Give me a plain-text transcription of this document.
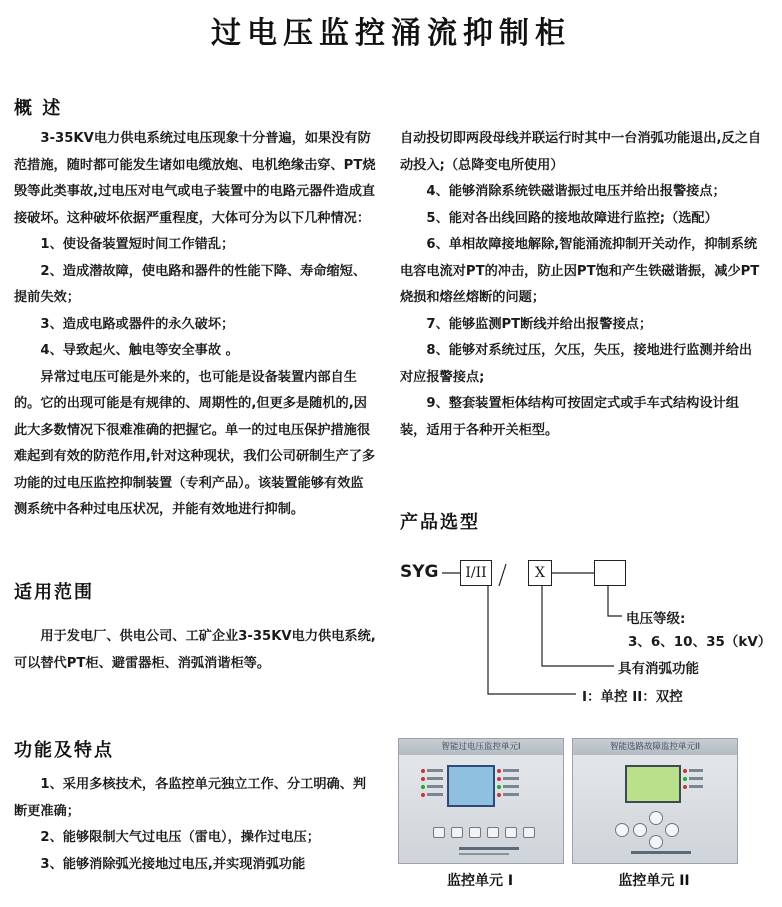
过电压监控涌流抑制柜
概 述

3-35KV电力供电系统过电压现象十分普遍，如果没有防范措施，随时都可能发生诸如电缆放炮、电机绝缘击穿、PT烧毁等此类事故,过电压对电气或电子装置中的电路元器件造成直接破坏。这种破坏依据严重程度，大体可分为以下几种情况：

1、使设备装置短时间工作错乱；

2、造成潜故障，使电路和器件的性能下降、寿命缩短、提前失效；

3、造成电路或器件的永久破坏；

4、导致起火、触电等安全事故 。

异常过电压可能是外来的，也可能是设备装置内部自生的。它的出现可能是有规律的、周期性的,但更多是随机的,因此大多数情况下很难准确的把握它。单一的过电压保护措施很难起到有效的防范作用,针对这种现状，我们公司研制生产了多功能的过电压监控抑制装置（专利产品）。该装置能够有效监测系统中各种过电压状况，并能有效地进行抑制。

适用范围

用于发电厂、供电公司、工矿企业3-35KV电力供电系统,可以替代PT柜、避雷器柜、消弧消谐柜等。

功能及特点

1、采用多核技术，各监控单元独立工作、分工明确、判断更准确；

2、能够限制大气过电压（雷电），操作过电压；

3、能够消除弧光接地过电压,并实现消弧功能

自动投切即两段母线并联运行时其中一台消弧功能退出,反之自动投入;（总降变电所使用）

4、能够消除系统铁磁谐振过电压并给出报警接点；

5、能对各出线回路的接地故障进行监控;（选配）

6、单相故障接地解除,智能涌流抑制开关动作，抑制系统电容电流对PT的冲击，防止因PT饱和产生铁磁谐振，减少PT烧损和熔丝熔断的问题；

7、能够监测PT断线并给出报警接点；

8、能够对系统过压，欠压，失压，接地进行监测并给出对应报警接点;

9、整套装置柜体结构可按固定式或手车式结构设计组装，适用于各种开关柜型。

产品选型
SYG	I/II	X
电压等级:
3、6、10、35（kV）
具有消弧功能
I：单控 II：双控
智能过电压监控单元I
监控单元 I
智能选路故障监控单元II
监控单元 II
